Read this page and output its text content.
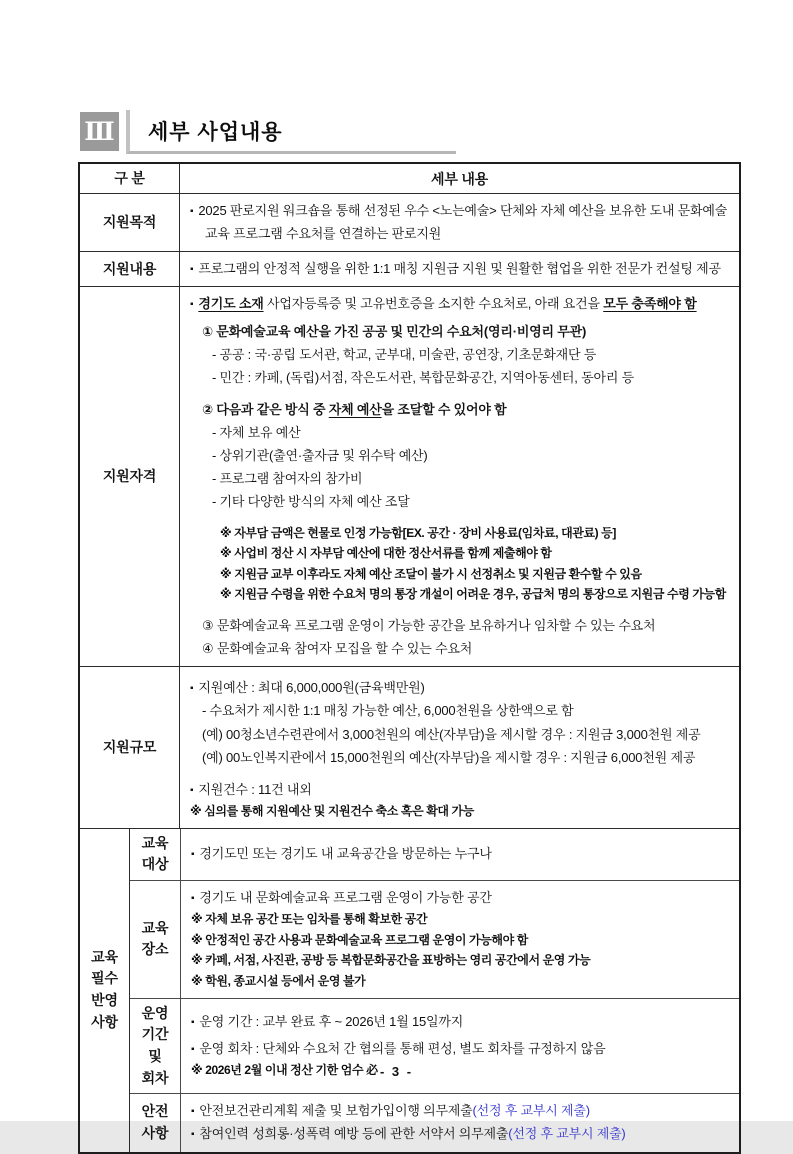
Ⅲ 세부 사업내용
구 분	세부 내용
지원목적
▪ 2025 판로지원 워크숍을 통해 선정된 우수 <노는예술> 단체와 자체 예산을 보유한 도내 문화예술교육 프로그램 수요처를 연결하는 판로지원
지원내용	▪ 프로그램의 안정적 실행을 위한 1:1 매칭 지원금 지원 및 원활한 협업을 위한 전문가 컨설팅 제공
지원자격
▪ 경기도 소재 사업자등록증 및 고유번호증을 소지한 수요처로, 아래 요건을 모두 충족해야 함
① 문화예술교육 예산을 가진 공공 및 민간의 수요처(영리·비영리 무관)
- 공공 : 국·공립 도서관, 학교, 군부대, 미술관, 공연장, 기초문화재단 등
- 민간 : 카페, (독립)서점, 작은도서관, 복합문화공간, 지역아동센터, 동아리 등
② 다음과 같은 방식 중 자체 예산을 조달할 수 있어야 함
- 자체 보유 예산
- 상위기관(출연·출자금 및 위수탁 예산)
- 프로그램 참여자의 참가비
- 기타 다양한 방식의 자체 예산 조달
※ 자부담 금액은 현물로 인정 가능함[EX. 공간 · 장비 사용료(임차료, 대관료) 등]
※ 사업비 정산 시 자부담 예산에 대한 정산서류를 함께 제출해야 함
※ 지원금 교부 이후라도 자체 예산 조달이 불가 시 선정취소 및 지원금 환수할 수 있음
※ 지원금 수령을 위한 수요처 명의 통장 개설이 어려운 경우, 공급처 명의 통장으로 지원금 수령 가능함
③ 문화예술교육 프로그램 운영이 가능한 공간을 보유하거나 임차할 수 있는 수요처
④ 문화예술교육 참여자 모집을 할 수 있는 수요처
지원규모
▪ 지원예산 : 최대 6,000,000원(금육백만원)
- 수요처가 제시한 1:1 매칭 가능한 예산, 6,000천원을 상한액으로 함
(예) 00청소년수련관에서 3,000천원의 예산(자부담)을 제시할 경우 : 지원금 3,000천원 제공
(예) 00노인복지관에서 15,000천원의 예산(자부담)을 제시할 경우 : 지원금 6,000천원 제공
▪ 지원건수 : 11건 내외
※ 심의를 통해 지원예산 및 지원건수 축소 혹은 확대 가능
교육
필수
반영
사항
교육
대상
▪ 경기도민 또는 경기도 내 교육공간을 방문하는 누구나
교육
장소
▪ 경기도 내 문화예술교육 프로그램 운영이 가능한 공간
※ 자체 보유 공간 또는 임차를 통해 확보한 공간
※ 안정적인 공간 사용과 문화예술교육 프로그램 운영이 가능해야 함
※ 카페, 서점, 사진관, 공방 등 복합문화공간을 표방하는 영리 공간에서 운영 가능
※ 학원, 종교시설 등에서 운영 불가
운영
기간
및
회차
▪ 운영 기간 : 교부 완료 후 ~ 2026년 1월 15일까지
▪ 운영 회차 : 단체와 수요처 간 협의를 통해 편성, 별도 회차를 규정하지 않음
※ 2026년 2월 이내 정산 기한 엄수 必
안전
사항
▪ 안전보건관리계획 제출 및 보험가입이행 의무제출(선정 후 교부시 제출)
▪ 참여인력 성희롱·성폭력 예방 등에 관한 서약서 의무제출(선정 후 교부시 제출)
- 3 -
